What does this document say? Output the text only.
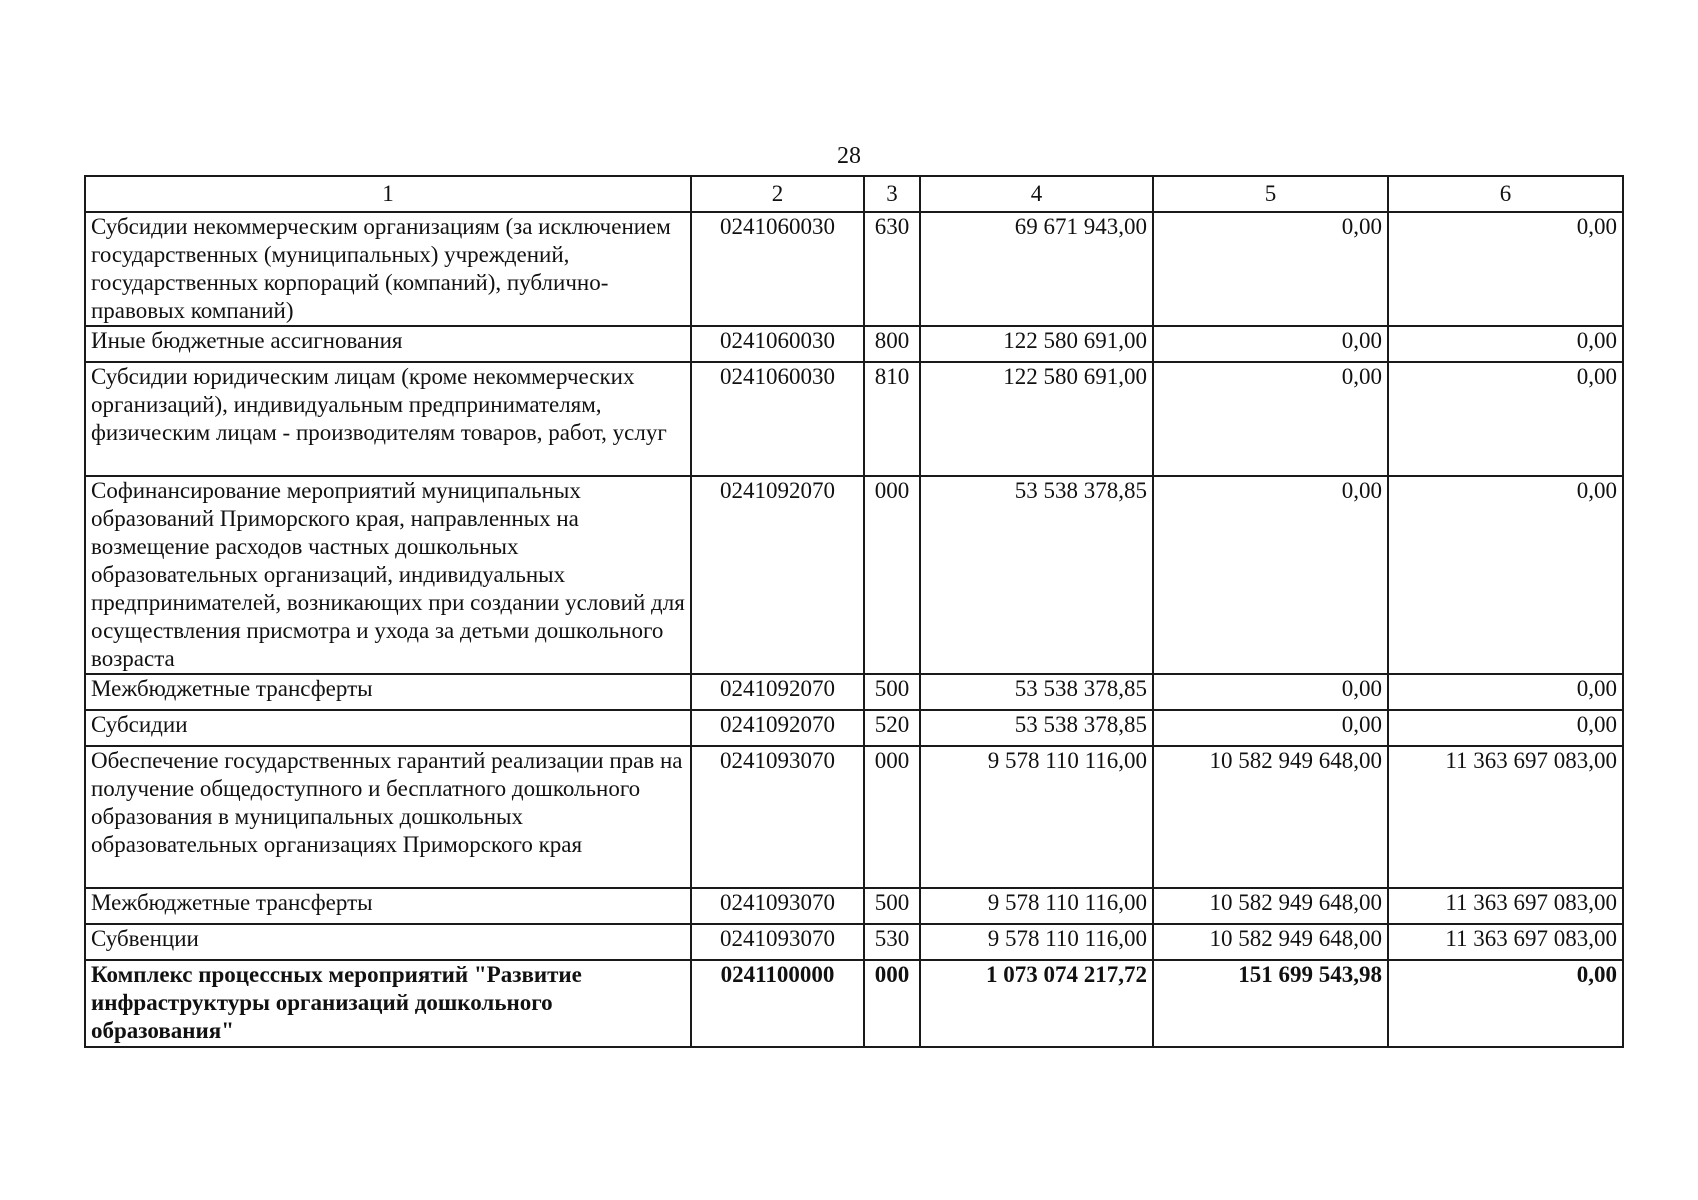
28
1	2	3	4	5	6
Субсидии некоммерческим организациям (за исключением государственных (муниципальных) учреждений, государственных корпораций (компаний), публично-правовых компаний)	0241060030	630	69 671 943,00	0,00	0,00
Иные бюджетные ассигнования	0241060030	800	122 580 691,00	0,00	0,00
Субсидии юридическим лицам (кроме некоммерческих организаций), индивидуальным предпринимателям, физическим лицам - производителям товаров, работ, услуг	0241060030	810	122 580 691,00	0,00	0,00
Софинансирование мероприятий муниципальных образований Приморского края, направленных на возмещение расходов частных дошкольных образовательных организаций, индивидуальных предпринимателей, возникающих при создании условий для осуществления присмотра и ухода за детьми дошкольного возраста	0241092070	000	53 538 378,85	0,00	0,00
Межбюджетные трансферты	0241092070	500	53 538 378,85	0,00	0,00
Субсидии	0241092070	520	53 538 378,85	0,00	0,00
Обеспечение государственных гарантий реализации прав на получение общедоступного и бесплатного дошкольного образования в муниципальных дошкольных образовательных организациях Приморского края	0241093070	000	9 578 110 116,00	10 582 949 648,00	11 363 697 083,00
Межбюджетные трансферты	0241093070	500	9 578 110 116,00	10 582 949 648,00	11 363 697 083,00
Субвенции	0241093070	530	9 578 110 116,00	10 582 949 648,00	11 363 697 083,00
Комплекс процессных мероприятий "Развитие инфраструктуры организаций дошкольного образования"	0241100000	000	1 073 074 217,72	151 699 543,98	0,00
